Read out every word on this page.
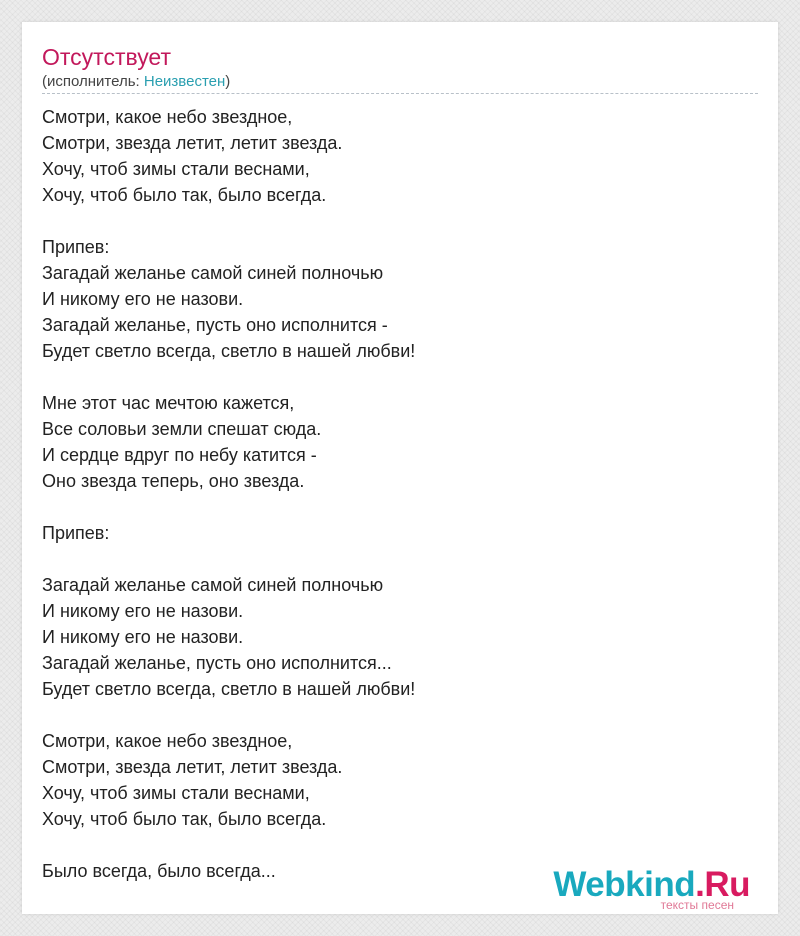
Отсутствует
(исполнитель: Неизвестен)
Смотри, какое небо звездное,
Смотри, звезда летит, летит звезда.
Хочу, чтоб зимы стали веснами,
Хочу, чтоб было так, было всегда.
Припев:
Загадай желанье самой синей полночью
И никому его не назови.
Загадай желанье, пусть оно исполнится -
Будет светло всегда, светло в нашей любви!
Мне этот час мечтою кажется,
Все соловьи земли спешат сюда.
И сердце вдруг по небу катится -
Оно звезда теперь, оно звезда.
Припев:
Загадай желанье самой синей полночью
И никому его не назови.
И никому его не назови.
Загадай желанье, пусть оно исполнится...
Будет светло всегда, светло в нашей любви!
Смотри, какое небо звездное,
Смотри, звезда летит, летит звезда.
Хочу, чтоб зимы стали веснами,
Хочу, чтоб было так, было всегда.
Было всегда, было всегда...	Webkind.Ru
тексты песен
